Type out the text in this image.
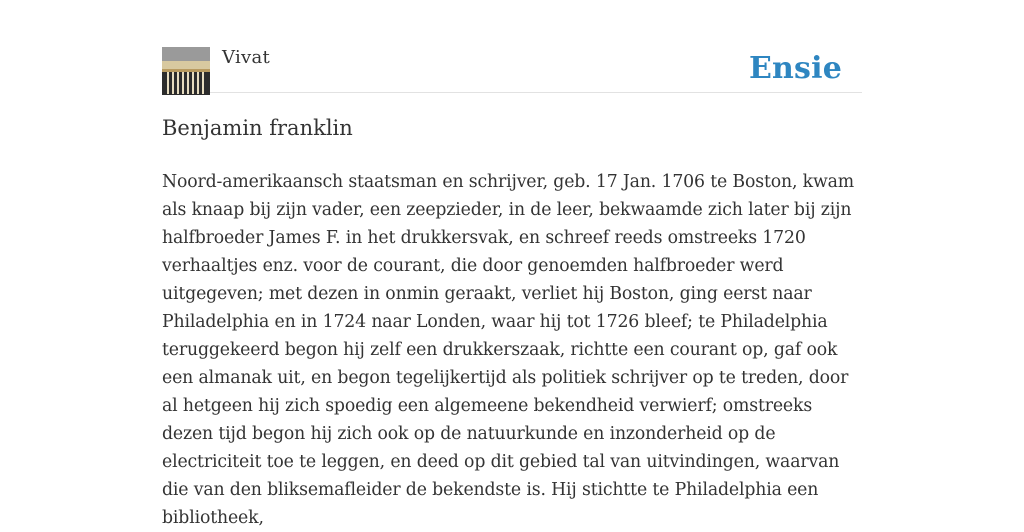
Vivat	Ensie
Benjamin franklin

Noord-amerikaansch staatsman en schrijver, geb. 17 Jan. 1706 te Boston, kwam als knaap bij zijn vader, een zeepzieder, in de leer, bekwaamde zich later bij zijn halfbroeder James F. in het drukkersvak, en schreef reeds omstreeks 1720 verhaaltjes enz. voor de courant, die door genoemden halfbroeder werd uitgegeven; met dezen in onmin geraakt, verliet hij Boston, ging eerst naar Philadelphia en in 1724 naar Londen, waar hij tot 1726 bleef; te Philadelphia teruggekeerd begon hij zelf een drukkerszaak, richtte een courant op, gaf ook een almanak uit, en begon tegelijkertijd als politiek schrijver op te treden, door al hetgeen hij zich spoedig een algemeene bekendheid verwierf; omstreeks dezen tijd begon hij zich ook op de natuurkunde en inzonderheid op de electriciteit toe te leggen, en deed op dit gebied tal van uitvindingen, waarvan die van den bliksemafleider de bekendste is. Hij stichtte te Philadelphia een bibliotheek,
